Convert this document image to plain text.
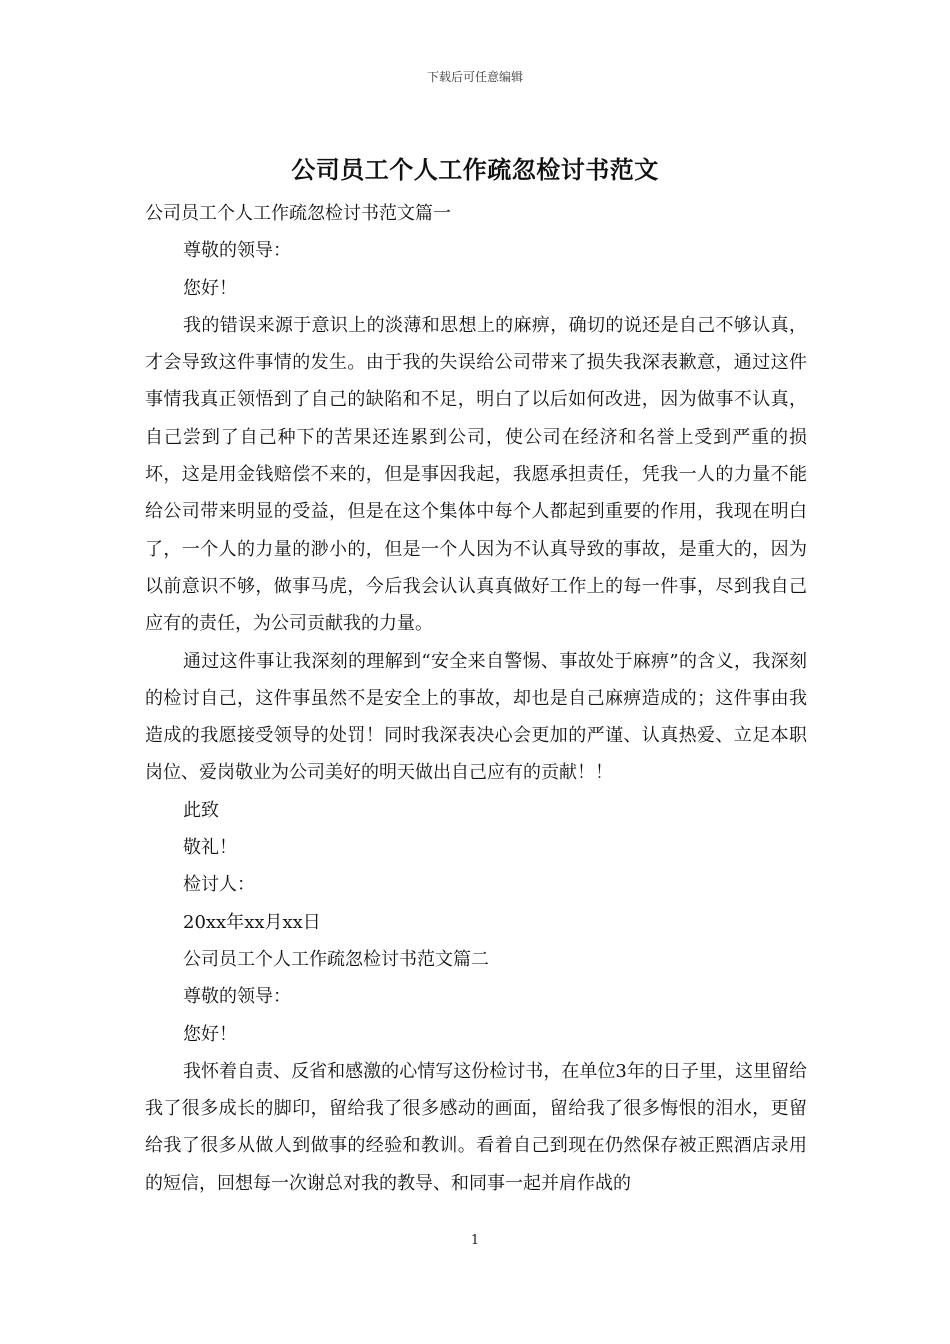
下载后可任意编辑
公司员工个人工作疏忽检讨书范文

公司员工个人工作疏忽检讨书范文篇一

尊敬的领导：

您好！

我的错误来源于意识上的淡薄和思想上的麻痹，确切的说还是自己不够认真，才会导致这件事情的发生。由于我的失误给公司带来了损失我深表歉意，通过这件事情我真正领悟到了自己的缺陷和不足，明白了以后如何改进，因为做事不认真，自己尝到了自己种下的苦果还连累到公司，使公司在经济和名誉上受到严重的损坏，这是用金钱赔偿不来的，但是事因我起，我愿承担责任，凭我一人的力量不能给公司带来明显的受益，但是在这个集体中每个人都起到重要的作用，我现在明白了，一个人的力量的渺小的，但是一个人因为不认真导致的事故，是重大的，因为以前意识不够，做事马虎，今后我会认认真真做好工作上的每一件事，尽到我自己应有的责任，为公司贡献我的力量。

通过这件事让我深刻的理解到“安全来自警惕、事故处于麻痹”的含义，我深刻的检讨自己，这件事虽然不是安全上的事故，却也是自己麻痹造成的；这件事由我造成的我愿接受领导的处罚！同时我深表决心会更加的严谨、认真热爱、立足本职岗位、爱岗敬业为公司美好的明天做出自己应有的贡献！！

此致

敬礼！

检讨人：

20xx年xx月xx日

公司员工个人工作疏忽检讨书范文篇二

尊敬的领导：

您好！

我怀着自责、反省和感激的心情写这份检讨书，在单位3年的日子里，这里留给我了很多成长的脚印，留给我了很多感动的画面，留给我了很多悔恨的泪水，更留给我了很多从做人到做事的经验和教训。看着自己到现在仍然保存被正熙酒店录用的短信，回想每一次谢总对我的教导、和同事一起并肩作战的

1
